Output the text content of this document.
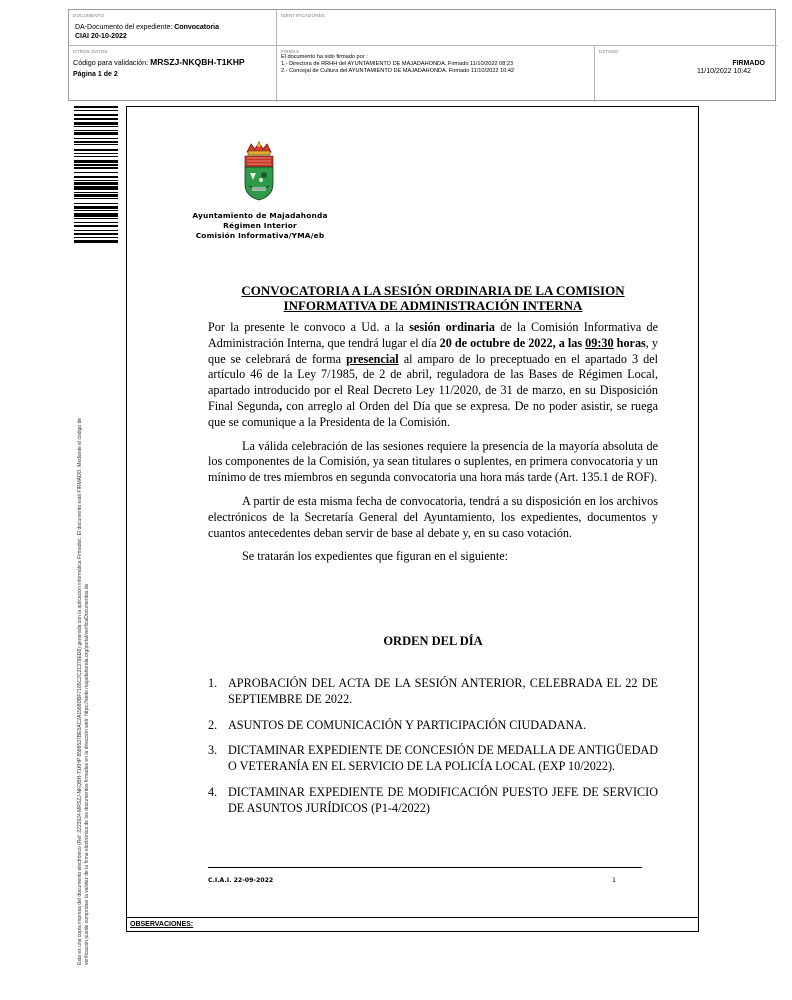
DOCUMENTO
DA-Documento del expediente: Convocatoria
CIAI 20-10-2022
IDENTIFICADORES
OTROS DATOS
Código para validación: MRSZJ-NKQBH-T1KHP
Página 1 de 2
FIRMAS
El documento ha sido firmado por :
1.- Directora de RRHH del AYUNTAMIENTO DE MAJADAHONDA. Firmado 11/10/2022 08:23
2.- Concejal de Cultura del AYUNTAMIENTO DE MAJADAHONDA. Firmado 11/10/2022 10:42
ESTADO
FIRMADO
11/10/2022 10:42
Esta es una copia impresa del documento electrónico (Ref: 2223924 MRSZJ-NKQBH-T1KHP 8588537BE5AC2A1588DBF7185C2C21379ED8) generada con la aplicación informática Firmadoc. El documento está FIRMADO. Mediante el código de verificación puede comprobar la validez de la firma electrónica de los documentos firmados en la dirección web: https://sede.majadahonda.org/portal/verificaDocumentos.do	OBSERVACIONES:
Ayuntamiento de Majadahonda
Régimen Interior
Comisión Informativa/YMA/eb
CONVOCATORIA A LA SESIÓN ORDINARIA DE LA COMISION
INFORMATIVA DE ADMINISTRACIÓN INTERNA

Por la presente le convoco a Ud. a la sesión ordinaria de la Comisión Informativa de Administración Interna, que tendrá lugar el día 20 de octubre de 2022, a las 09:30 horas, y que se celebrará de forma presencial al amparo de lo preceptuado en el apartado 3 del artículo 46 de la Ley 7/1985, de 2 de abril, reguladora de las Bases de Régimen Local, apartado introducido por el Real Decreto Ley 11/2020, de 31 de marzo, en su Disposición Final Segunda, con arreglo al Orden del Día que se expresa. De no poder asistir, se ruega que se comunique a la Presidenta de la Comisión.

La válida celebración de las sesiones requiere la presencia de la mayoría absoluta de los componentes de la Comisión, ya sean titulares o suplentes, en primera convocatoria y un mínimo de tres miembros en segunda convocatoria una hora más tarde (Art. 135.1 de ROF).

A partir de esta misma fecha de convocatoria, tendrá a su disposición en los archivos electrónicos de la Secretaría General del Ayuntamiento, los expedientes, documentos y cuantos antecedentes deban servir de base al debate y, en su caso votación.

Se tratarán los expedientes que figuran en el siguiente:

ORDEN DEL DÍA
1. APROBACIÓN DEL ACTA DE LA SESIÓN ANTERIOR, CELEBRADA EL 22 DE SEPTIEMBRE DE 2022.
2. ASUNTOS DE COMUNICACIÓN Y PARTICIPACIÓN CIUDADANA.
3. DICTAMINAR EXPEDIENTE DE CONCESIÓN DE MEDALLA DE ANTIGÜEDAD O VETERANÍA EN EL SERVICIO DE LA POLICÍA LOCAL (EXP 10/2022).
4. DICTAMINAR EXPEDIENTE DE MODIFICACIÓN PUESTO JEFE DE SERVICIO DE ASUNTOS JURÍDICOS (P1-4/2022)
C.I.A.I. 22-09-2022	1
